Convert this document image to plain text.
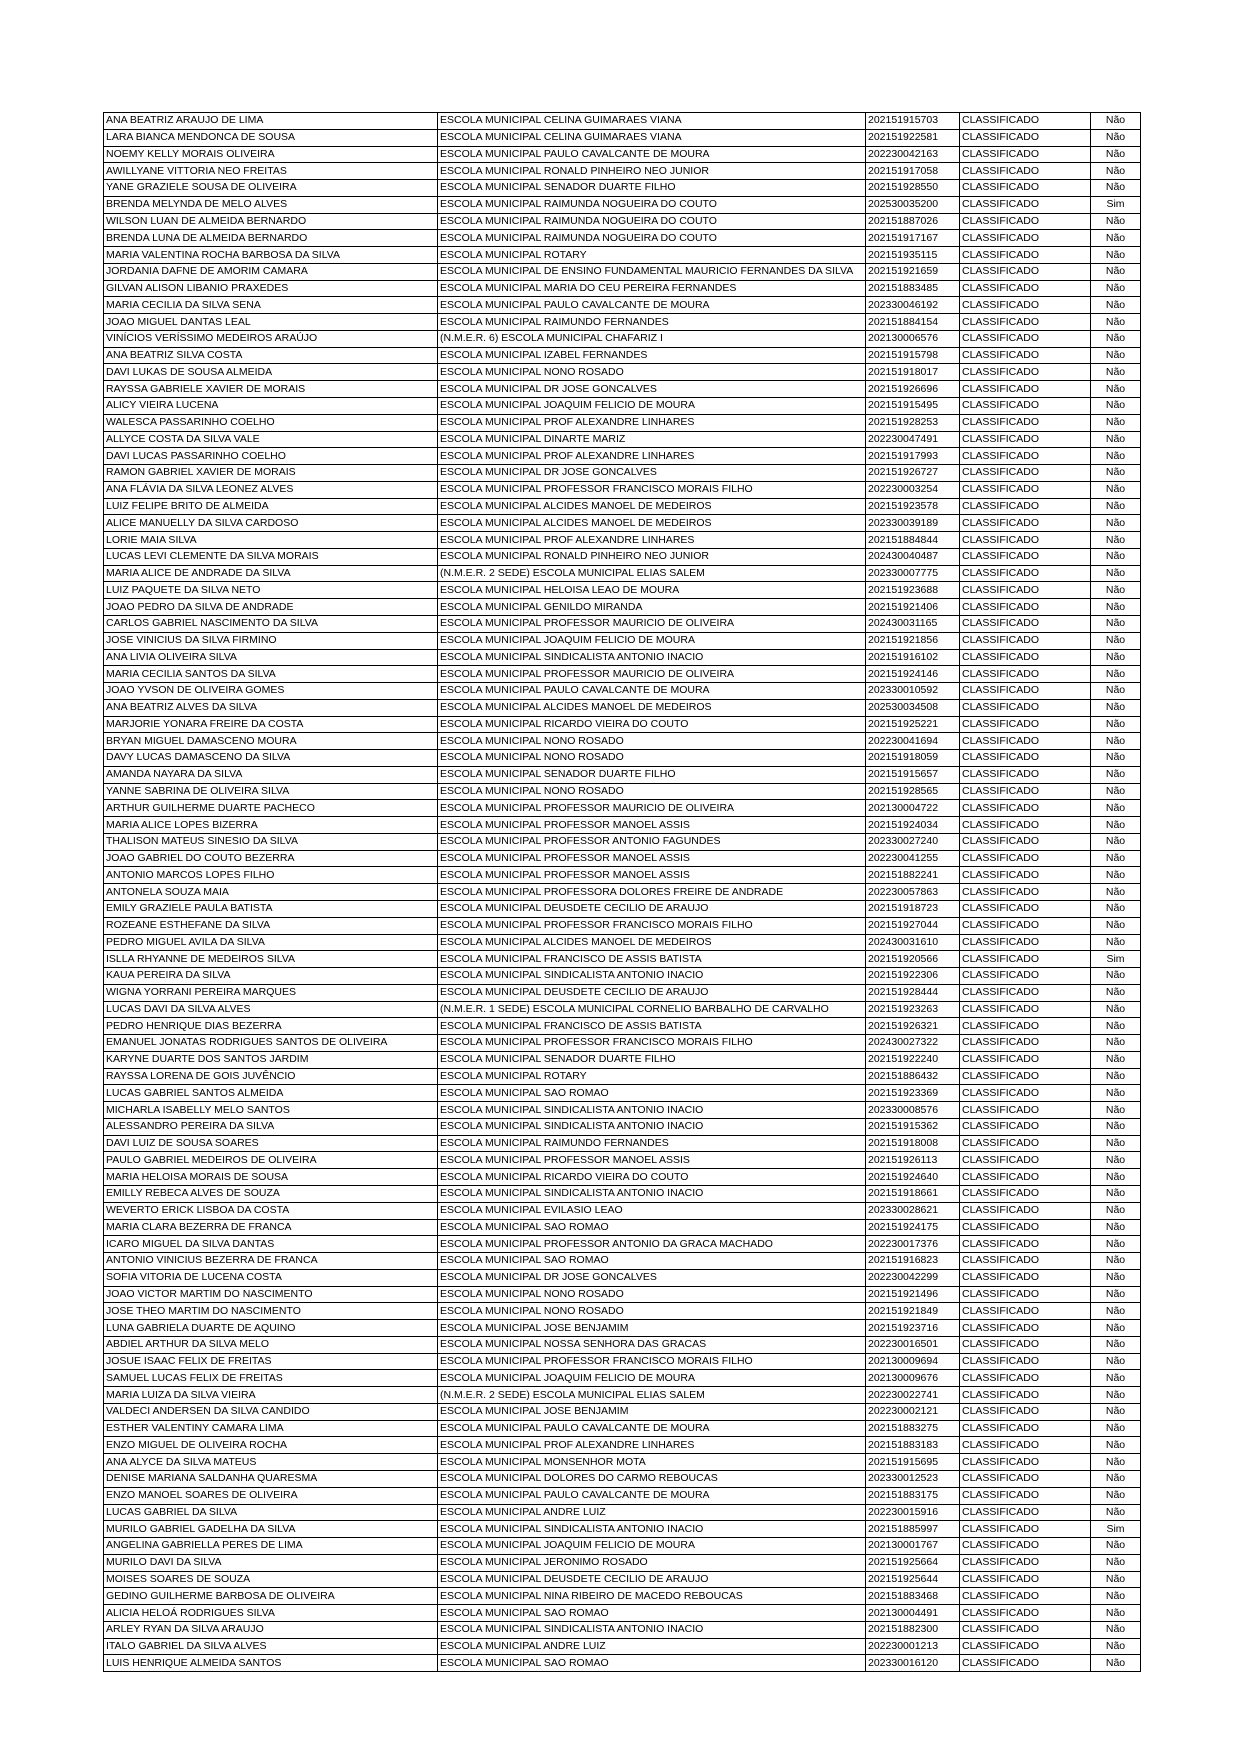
ANA BEATRIZ ARAUJO DE LIMA	ESCOLA MUNICIPAL CELINA GUIMARAES VIANA	202151915703	CLASSIFICADO	Não
LARA BIANCA MENDONCA DE SOUSA	ESCOLA MUNICIPAL CELINA GUIMARAES VIANA	202151922581	CLASSIFICADO	Não
NOEMY KELLY MORAIS OLIVEIRA	ESCOLA MUNICIPAL PAULO CAVALCANTE DE MOURA	202230042163	CLASSIFICADO	Não
AWILLYANE VITTORIA NEO FREITAS	ESCOLA MUNICIPAL RONALD PINHEIRO NEO JUNIOR	202151917058	CLASSIFICADO	Não
YANE GRAZIELE SOUSA DE OLIVEIRA	ESCOLA MUNICIPAL SENADOR DUARTE FILHO	202151928550	CLASSIFICADO	Não
BRENDA MELYNDA DE MELO ALVES	ESCOLA MUNICIPAL RAIMUNDA NOGUEIRA DO COUTO	202530035200	CLASSIFICADO	Sim
WILSON LUAN DE ALMEIDA BERNARDO	ESCOLA MUNICIPAL RAIMUNDA NOGUEIRA DO COUTO	202151887026	CLASSIFICADO	Não
BRENDA LUNA DE ALMEIDA BERNARDO	ESCOLA MUNICIPAL RAIMUNDA NOGUEIRA DO COUTO	202151917167	CLASSIFICADO	Não
MARIA VALENTINA ROCHA BARBOSA DA SILVA	ESCOLA MUNICIPAL ROTARY	202151935115	CLASSIFICADO	Não
JORDANIA DAFNE DE AMORIM CAMARA	ESCOLA MUNICIPAL DE ENSINO FUNDAMENTAL MAURICIO FERNANDES DA SILVA	202151921659	CLASSIFICADO	Não
GILVAN ALISON LIBANIO PRAXEDES	ESCOLA MUNICIPAL MARIA DO CEU PEREIRA FERNANDES	202151883485	CLASSIFICADO	Não
MARIA CECILIA DA SILVA SENA	ESCOLA MUNICIPAL PAULO CAVALCANTE DE MOURA	202330046192	CLASSIFICADO	Não
JOAO MIGUEL DANTAS LEAL	ESCOLA MUNICIPAL RAIMUNDO FERNANDES	202151884154	CLASSIFICADO	Não
VINÍCIOS VERÍSSIMO MEDEIROS ARAÚJO	(N.M.E.R. 6) ESCOLA MUNICIPAL CHAFARIZ I	202130006576	CLASSIFICADO	Não
ANA BEATRIZ SILVA COSTA	ESCOLA MUNICIPAL IZABEL FERNANDES	202151915798	CLASSIFICADO	Não
DAVI LUKAS DE SOUSA ALMEIDA	ESCOLA MUNICIPAL NONO ROSADO	202151918017	CLASSIFICADO	Não
RAYSSA GABRIELE XAVIER DE MORAIS	ESCOLA MUNICIPAL DR JOSE GONCALVES	202151926696	CLASSIFICADO	Não
ALICY VIEIRA LUCENA	ESCOLA MUNICIPAL JOAQUIM FELICIO DE MOURA	202151915495	CLASSIFICADO	Não
WALESCA PASSARINHO COELHO	ESCOLA MUNICIPAL PROF ALEXANDRE LINHARES	202151928253	CLASSIFICADO	Não
ALLYCE COSTA DA SILVA VALE	ESCOLA MUNICIPAL DINARTE MARIZ	202230047491	CLASSIFICADO	Não
DAVI LUCAS PASSARINHO COELHO	ESCOLA MUNICIPAL PROF ALEXANDRE LINHARES	202151917993	CLASSIFICADO	Não
RAMON GABRIEL XAVIER DE MORAIS	ESCOLA MUNICIPAL DR JOSE GONCALVES	202151926727	CLASSIFICADO	Não
ANA FLÁVIA DA SILVA LEONEZ ALVES	ESCOLA MUNICIPAL PROFESSOR FRANCISCO MORAIS FILHO	202230003254	CLASSIFICADO	Não
LUIZ FELIPE BRITO DE ALMEIDA	ESCOLA MUNICIPAL ALCIDES MANOEL DE MEDEIROS	202151923578	CLASSIFICADO	Não
ALICE MANUELLY DA SILVA CARDOSO	ESCOLA MUNICIPAL ALCIDES MANOEL DE MEDEIROS	202330039189	CLASSIFICADO	Não
LORIE MAIA SILVA	ESCOLA MUNICIPAL PROF ALEXANDRE LINHARES	202151884844	CLASSIFICADO	Não
LUCAS LEVI CLEMENTE DA SILVA MORAIS	ESCOLA MUNICIPAL RONALD PINHEIRO NEO JUNIOR	202430040487	CLASSIFICADO	Não
MARIA ALICE DE ANDRADE DA SILVA	(N.M.E.R. 2 SEDE) ESCOLA MUNICIPAL ELIAS SALEM	202330007775	CLASSIFICADO	Não
LUIZ PAQUETE DA SILVA NETO	ESCOLA MUNICIPAL HELOISA LEAO DE MOURA	202151923688	CLASSIFICADO	Não
JOAO PEDRO DA SILVA DE ANDRADE	ESCOLA MUNICIPAL GENILDO MIRANDA	202151921406	CLASSIFICADO	Não
CARLOS GABRIEL NASCIMENTO DA SILVA	ESCOLA MUNICIPAL PROFESSOR MAURICIO DE OLIVEIRA	202430031165	CLASSIFICADO	Não
JOSE VINICIUS DA SILVA FIRMINO	ESCOLA MUNICIPAL JOAQUIM FELICIO DE MOURA	202151921856	CLASSIFICADO	Não
ANA LIVIA OLIVEIRA SILVA	ESCOLA MUNICIPAL SINDICALISTA ANTONIO INACIO	202151916102	CLASSIFICADO	Não
MARIA CECILIA SANTOS DA SILVA	ESCOLA MUNICIPAL PROFESSOR MAURICIO DE OLIVEIRA	202151924146	CLASSIFICADO	Não
JOAO YVSON DE OLIVEIRA GOMES	ESCOLA MUNICIPAL PAULO CAVALCANTE DE MOURA	202330010592	CLASSIFICADO	Não
ANA BEATRIZ ALVES DA SILVA	ESCOLA MUNICIPAL ALCIDES MANOEL DE MEDEIROS	202530034508	CLASSIFICADO	Não
MARJORIE YONARA FREIRE DA COSTA	ESCOLA MUNICIPAL RICARDO VIEIRA DO COUTO	202151925221	CLASSIFICADO	Não
BRYAN MIGUEL DAMASCENO MOURA	ESCOLA MUNICIPAL NONO ROSADO	202230041694	CLASSIFICADO	Não
DAVY LUCAS DAMASCENO DA SILVA	ESCOLA MUNICIPAL NONO ROSADO	202151918059	CLASSIFICADO	Não
AMANDA NAYARA DA SILVA	ESCOLA MUNICIPAL SENADOR DUARTE FILHO	202151915657	CLASSIFICADO	Não
YANNE SABRINA DE OLIVEIRA SILVA	ESCOLA MUNICIPAL NONO ROSADO	202151928565	CLASSIFICADO	Não
ARTHUR GUILHERME DUARTE PACHECO	ESCOLA MUNICIPAL PROFESSOR MAURICIO DE OLIVEIRA	202130004722	CLASSIFICADO	Não
MARIA ALICE LOPES BIZERRA	ESCOLA MUNICIPAL PROFESSOR MANOEL ASSIS	202151924034	CLASSIFICADO	Não
THALISON MATEUS SINESIO DA SILVA	ESCOLA MUNICIPAL PROFESSOR ANTONIO FAGUNDES	202330027240	CLASSIFICADO	Não
JOAO GABRIEL DO COUTO BEZERRA	ESCOLA MUNICIPAL PROFESSOR MANOEL ASSIS	202230041255	CLASSIFICADO	Não
ANTONIO MARCOS LOPES FILHO	ESCOLA MUNICIPAL PROFESSOR MANOEL ASSIS	202151882241	CLASSIFICADO	Não
ANTONELA SOUZA MAIA	ESCOLA MUNICIPAL PROFESSORA DOLORES FREIRE DE ANDRADE	202230057863	CLASSIFICADO	Não
EMILY GRAZIELE PAULA BATISTA	ESCOLA MUNICIPAL DEUSDETE CECILIO DE ARAUJO	202151918723	CLASSIFICADO	Não
ROZEANE ESTHEFANE DA SILVA	ESCOLA MUNICIPAL PROFESSOR FRANCISCO MORAIS FILHO	202151927044	CLASSIFICADO	Não
PEDRO MIGUEL AVILA DA SILVA	ESCOLA MUNICIPAL ALCIDES MANOEL DE MEDEIROS	202430031610	CLASSIFICADO	Não
ISLLA RHYANNE DE MEDEIROS SILVA	ESCOLA MUNICIPAL FRANCISCO DE ASSIS BATISTA	202151920566	CLASSIFICADO	Sim
KAUA PEREIRA DA SILVA	ESCOLA MUNICIPAL SINDICALISTA ANTONIO INACIO	202151922306	CLASSIFICADO	Não
WIGNA YORRANI PEREIRA MARQUES	ESCOLA MUNICIPAL DEUSDETE CECILIO DE ARAUJO	202151928444	CLASSIFICADO	Não
LUCAS DAVI DA SILVA ALVES	(N.M.E.R. 1 SEDE) ESCOLA MUNICIPAL CORNELIO BARBALHO DE CARVALHO	202151923263	CLASSIFICADO	Não
PEDRO HENRIQUE DIAS BEZERRA	ESCOLA MUNICIPAL FRANCISCO DE ASSIS BATISTA	202151926321	CLASSIFICADO	Não
EMANUEL JONATAS RODRIGUES SANTOS DE OLIVEIRA	ESCOLA MUNICIPAL PROFESSOR FRANCISCO MORAIS FILHO	202430027322	CLASSIFICADO	Não
KARYNE DUARTE DOS SANTOS JARDIM	ESCOLA MUNICIPAL SENADOR DUARTE FILHO	202151922240	CLASSIFICADO	Não
RAYSSA LORENA DE GOIS JUVÊNCIO	ESCOLA MUNICIPAL ROTARY	202151886432	CLASSIFICADO	Não
LUCAS GABRIEL SANTOS ALMEIDA	ESCOLA MUNICIPAL SAO ROMAO	202151923369	CLASSIFICADO	Não
MICHARLA ISABELLY MELO SANTOS	ESCOLA MUNICIPAL SINDICALISTA ANTONIO INACIO	202330008576	CLASSIFICADO	Não
ALESSANDRO PEREIRA DA SILVA	ESCOLA MUNICIPAL SINDICALISTA ANTONIO INACIO	202151915362	CLASSIFICADO	Não
DAVI LUIZ DE SOUSA SOARES	ESCOLA MUNICIPAL RAIMUNDO FERNANDES	202151918008	CLASSIFICADO	Não
PAULO GABRIEL MEDEIROS DE OLIVEIRA	ESCOLA MUNICIPAL PROFESSOR MANOEL ASSIS	202151926113	CLASSIFICADO	Não
MARIA HELOISA MORAIS DE SOUSA	ESCOLA MUNICIPAL RICARDO VIEIRA DO COUTO	202151924640	CLASSIFICADO	Não
EMILLY REBECA ALVES DE SOUZA	ESCOLA MUNICIPAL SINDICALISTA ANTONIO INACIO	202151918661	CLASSIFICADO	Não
WEVERTO ERICK LISBOA DA COSTA	ESCOLA MUNICIPAL EVILASIO LEAO	202330028621	CLASSIFICADO	Não
MARIA CLARA BEZERRA DE FRANCA	ESCOLA MUNICIPAL SAO ROMAO	202151924175	CLASSIFICADO	Não
ICARO MIGUEL DA SILVA DANTAS	ESCOLA MUNICIPAL PROFESSOR ANTONIO DA GRACA MACHADO	202230017376	CLASSIFICADO	Não
ANTONIO VINICIUS BEZERRA DE FRANCA	ESCOLA MUNICIPAL SAO ROMAO	202151916823	CLASSIFICADO	Não
SOFIA VITORIA DE LUCENA COSTA	ESCOLA MUNICIPAL DR JOSE GONCALVES	202230042299	CLASSIFICADO	Não
JOAO VICTOR MARTIM DO NASCIMENTO	ESCOLA MUNICIPAL NONO ROSADO	202151921496	CLASSIFICADO	Não
JOSE THEO MARTIM DO NASCIMENTO	ESCOLA MUNICIPAL NONO ROSADO	202151921849	CLASSIFICADO	Não
LUNA GABRIELA DUARTE DE AQUINO	ESCOLA MUNICIPAL JOSE BENJAMIM	202151923716	CLASSIFICADO	Não
ABDIEL ARTHUR DA SILVA MELO	ESCOLA MUNICIPAL NOSSA SENHORA DAS GRACAS	202230016501	CLASSIFICADO	Não
JOSUE ISAAC FELIX DE FREITAS	ESCOLA MUNICIPAL PROFESSOR FRANCISCO MORAIS FILHO	202130009694	CLASSIFICADO	Não
SAMUEL LUCAS FELIX DE FREITAS	ESCOLA MUNICIPAL JOAQUIM FELICIO DE MOURA	202130009676	CLASSIFICADO	Não
MARIA LUIZA DA SILVA VIEIRA	(N.M.E.R. 2 SEDE) ESCOLA MUNICIPAL ELIAS SALEM	202230022741	CLASSIFICADO	Não
VALDECI ANDERSEN DA SILVA CANDIDO	ESCOLA MUNICIPAL JOSE BENJAMIM	202230002121	CLASSIFICADO	Não
ESTHER VALENTINY CAMARA LIMA	ESCOLA MUNICIPAL PAULO CAVALCANTE DE MOURA	202151883275	CLASSIFICADO	Não
ENZO MIGUEL DE OLIVEIRA ROCHA	ESCOLA MUNICIPAL PROF ALEXANDRE LINHARES	202151883183	CLASSIFICADO	Não
ANA ALYCE DA SILVA MATEUS	ESCOLA MUNICIPAL MONSENHOR MOTA	202151915695	CLASSIFICADO	Não
DENISE MARIANA SALDANHA QUARESMA	ESCOLA MUNICIPAL DOLORES DO CARMO REBOUCAS	202330012523	CLASSIFICADO	Não
ENZO MANOEL SOARES DE OLIVEIRA	ESCOLA MUNICIPAL PAULO CAVALCANTE DE MOURA	202151883175	CLASSIFICADO	Não
LUCAS GABRIEL DA SILVA	ESCOLA MUNICIPAL ANDRE LUIZ	202230015916	CLASSIFICADO	Não
MURILO GABRIEL GADELHA DA SILVA	ESCOLA MUNICIPAL SINDICALISTA ANTONIO INACIO	202151885997	CLASSIFICADO	Sim
ANGELINA GABRIELLA PERES DE LIMA	ESCOLA MUNICIPAL JOAQUIM FELICIO DE MOURA	202130001767	CLASSIFICADO	Não
MURILO DAVI DA SILVA	ESCOLA MUNICIPAL JERONIMO ROSADO	202151925664	CLASSIFICADO	Não
MOISES SOARES DE SOUZA	ESCOLA MUNICIPAL DEUSDETE CECILIO DE ARAUJO	202151925644	CLASSIFICADO	Não
GEDINO GUILHERME BARBOSA DE OLIVEIRA	ESCOLA MUNICIPAL NINA RIBEIRO DE MACEDO REBOUCAS	202151883468	CLASSIFICADO	Não
ALICIA HELOÁ RODRIGUES SILVA	ESCOLA MUNICIPAL SAO ROMAO	202130004491	CLASSIFICADO	Não
ARLEY RYAN DA SILVA ARAUJO	ESCOLA MUNICIPAL SINDICALISTA ANTONIO INACIO	202151882300	CLASSIFICADO	Não
ITALO GABRIEL DA SILVA ALVES	ESCOLA MUNICIPAL ANDRE LUIZ	202230001213	CLASSIFICADO	Não
LUIS HENRIQUE ALMEIDA SANTOS	ESCOLA MUNICIPAL SAO ROMAO	202330016120	CLASSIFICADO	Não
